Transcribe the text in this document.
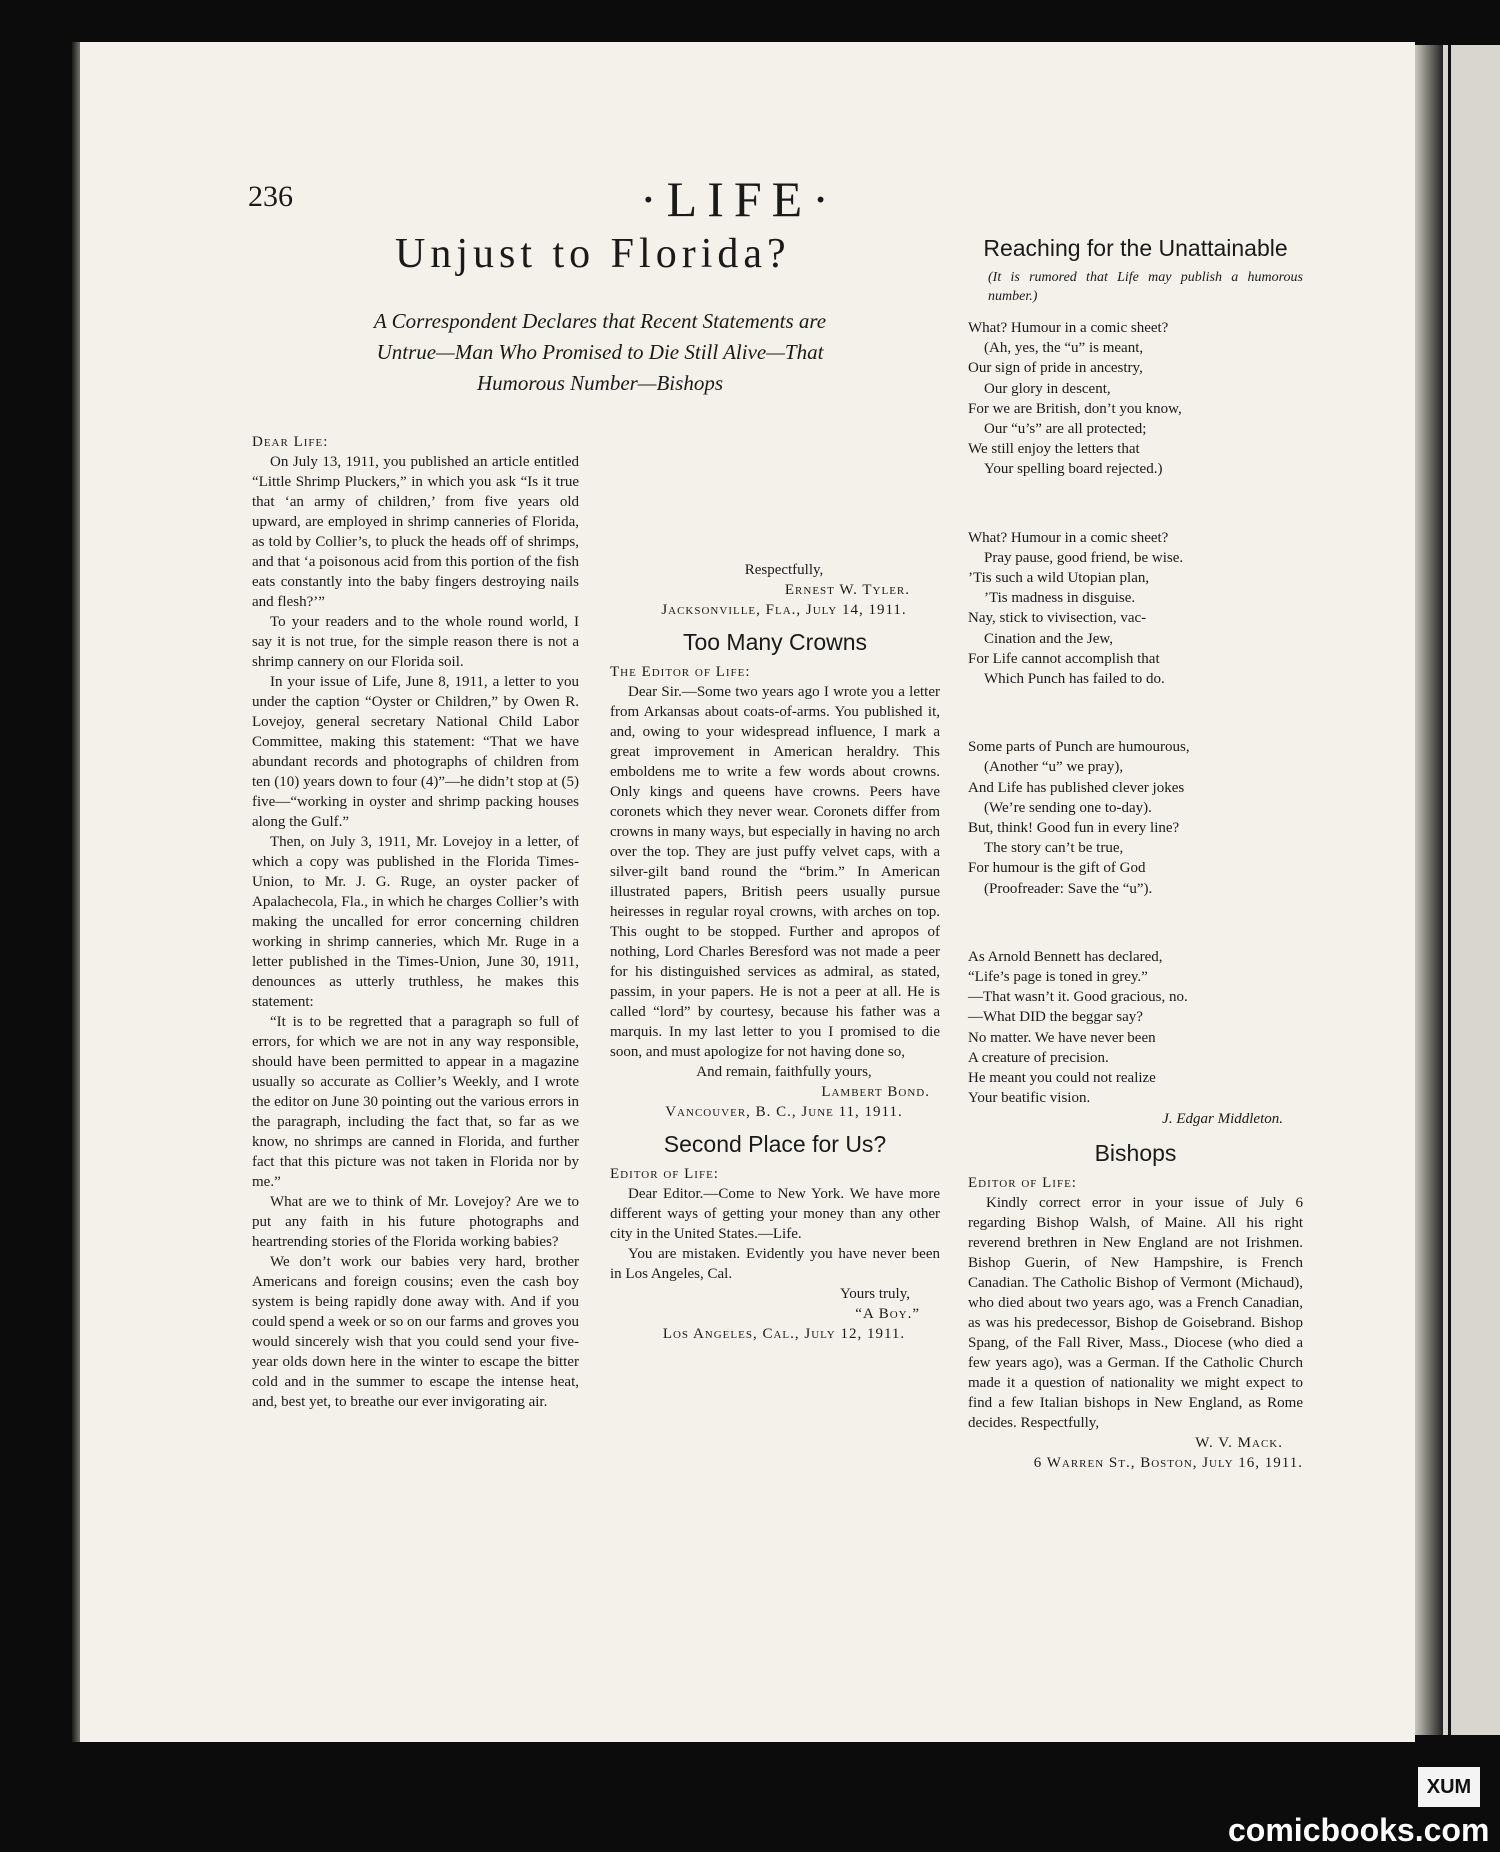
236	·LIFE·
Unjust to Florida?
A Correspondent Declares that Recent Statements are Untrue—Man Who Promised to Die Still Alive—That Humorous Number—Bishops

Dear Life:

On July 13, 1911, you published an article entitled “Little Shrimp Pluckers,” in which you ask “Is it true that ‘an army of children,’ from five years old upward, are employed in shrimp canneries of Florida, as told by Collier’s, to pluck the heads off of shrimps, and that ‘a poisonous acid from this portion of the fish eats constantly into the baby fingers destroying nails and flesh?’”

To your readers and to the whole round world, I say it is not true, for the simple reason there is not a shrimp cannery on our Florida soil.

In your issue of Life, June 8, 1911, a letter to you under the caption “Oyster or Children,” by Owen R. Lovejoy, general secretary National Child Labor Committee, making this statement: “That we have abundant records and photographs of children from ten (10) years down to four (4)”—he didn’t stop at (5) five—“working in oyster and shrimp packing houses along the Gulf.”

Then, on July 3, 1911, Mr. Lovejoy in a letter, of which a copy was published in the Florida Times-Union, to Mr. J. G. Ruge, an oyster packer of Apalachecola, Fla., in which he charges Collier’s with making the uncalled for error concerning children working in shrimp canneries, which Mr. Ruge in a letter published in the Times-Union, June 30, 1911, denounces as utterly truthless, he makes this statement:

“It is to be regretted that a paragraph so full of errors, for which we are not in any way responsible, should have been permitted to appear in a magazine usually so accurate as Collier’s Weekly, and I wrote the editor on June 30 pointing out the various errors in the paragraph, including the fact that, so far as we know, no shrimps are canned in Florida, and further fact that this picture was not taken in Florida nor by me.”

What are we to think of Mr. Lovejoy? Are we to put any faith in his future photographs and heartrending stories of the Florida working babies?

We don’t work our babies very hard, brother Americans and foreign cousins; even the cash boy system is being rapidly done away with. And if you could spend a week or so on our farms and groves you would sincerely wish that you could send your five-year olds down here in the winter to escape the bitter cold and in the summer to escape the intense heat, and, best yet, to breathe our ever invigorating air.

Respectfully,

Ernest W. Tyler.

Jacksonville, Fla., July 14, 1911.

Too Many Crowns

The Editor of Life:

Dear Sir.—Some two years ago I wrote you a letter from Arkansas about coats-of-arms. You published it, and, owing to your widespread influence, I mark a great improvement in American heraldry. This emboldens me to write a few words about crowns. Only kings and queens have crowns. Peers have coronets which they never wear. Coronets differ from crowns in many ways, but especially in having no arch over the top. They are just puffy velvet caps, with a silver-gilt band round the “brim.” In American illustrated papers, British peers usually pursue heiresses in regular royal crowns, with arches on top. This ought to be stopped. Further and apropos of nothing, Lord Charles Beresford was not made a peer for his distinguished services as admiral, as stated, passim, in your papers. He is not a peer at all. He is called “lord” by courtesy, because his father was a marquis. In my last letter to you I promised to die soon, and must apologize for not having done so,

And remain, faithfully yours,

Lambert Bond.

Vancouver, B. C., June 11, 1911.

Second Place for Us?

Editor of Life:

Dear Editor.—Come to New York. We have more different ways of getting your money than any other city in the United States.—Life.

You are mistaken. Evidently you have never been in Los Angeles, Cal.

Yours truly,

“A Boy.”

Los Angeles, Cal., July 12, 1911.

Reaching for the Unattainable
(It is rumored that Life may publish a humorous number.)
What? Humour in a comic sheet?
(Ah, yes, the “u” is meant,
Our sign of pride in ancestry,
Our glory in descent,
For we are British, don’t you know,
Our “u’s” are all protected;
We still enjoy the letters that
Your spelling board rejected.)
What? Humour in a comic sheet?
Pray pause, good friend, be wise.
’Tis such a wild Utopian plan,
’Tis madness in disguise.
Nay, stick to vivisection, vac-
Cination and the Jew,
For Life cannot accomplish that
Which Punch has failed to do.
Some parts of Punch are humourous,
(Another “u” we pray),
And Life has published clever jokes
(We’re sending one to-day).
But, think! Good fun in every line?
The story can’t be true,
For humour is the gift of God
(Proofreader: Save the “u”).
As Arnold Bennett has declared,
“Life’s page is toned in grey.”
—That wasn’t it. Good gracious, no.
—What DID the beggar say?
No matter. We have never been
A creature of precision.
He meant you could not realize
Your beatific vision.
J. Edgar Middleton.
Bishops

Editor of Life:

Kindly correct error in your issue of July 6 regarding Bishop Walsh, of Maine. All his right reverend brethren in New England are not Irishmen. Bishop Guerin, of New Hampshire, is French Canadian. The Catholic Bishop of Vermont (Michaud), who died about two years ago, was a French Canadian, as was his predecessor, Bishop de Goisebrand. Bishop Spang, of the Fall River, Mass., Diocese (who died a few years ago), was a German. If the Catholic Church made it a question of nationality we might expect to find a few Italian bishops in New England, as Rome decides. Respectfully,

W. V. Mack.

6 Warren St., Boston, July 16, 1911.

XUM
comicbooks.com
